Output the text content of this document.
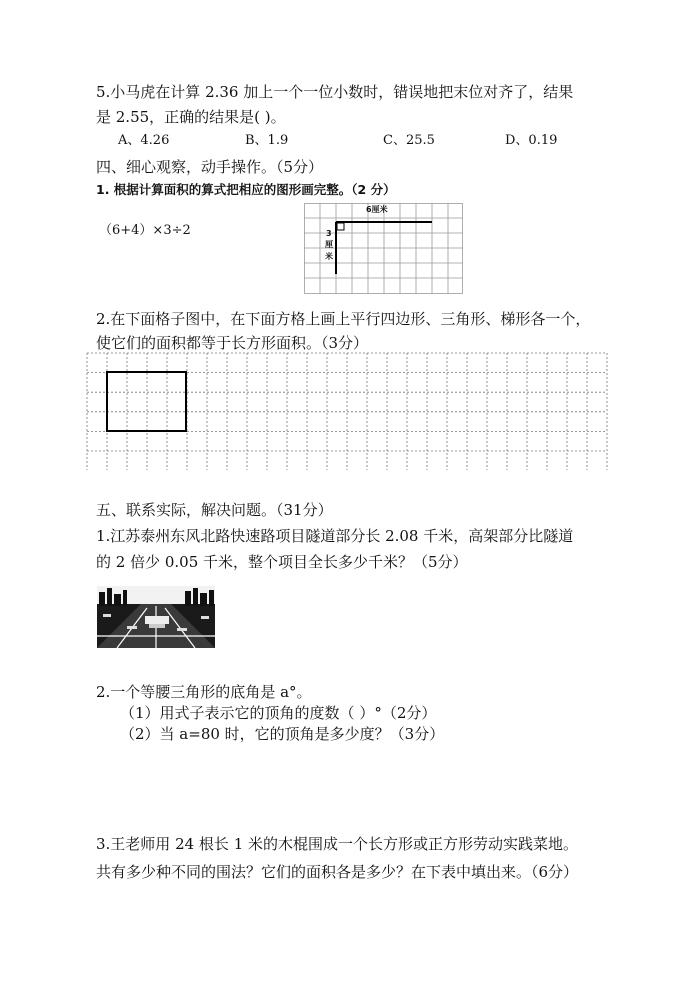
5.小马虎在计算 2.36 加上一个一位小数时，错误地把末位对齐了，结果
是 2.55，正确的结果是( )。
A、4.26	B、1.9	C、25.5	D、0.19
四、细心观察，动手操作。（5分）
1. 根据计算面积的算式把相应的图形画完整。（2 分）
（6+4）×3÷2
6厘米
3
厘
米
2.在下面格子图中，在下面方格上画上平行四边形、三角形、梯形各一个，
使它们的面积都等于长方形面积。（3分）
五、联系实际，解决问题。（31分）
1.江苏泰州东风北路快速路项目隧道部分长 2.08 千米，高架部分比隧道
的 2 倍少 0.05 千米，整个项目全长多少千米？（5分）
2.一个等腰三角形的底角是 a°。
（1）用式子表示它的顶角的度数（ ）°（2分）
（2）当 a=80 时，它的顶角是多少度？（3分）
3.王老师用 24 根长 1 米的木棍围成一个长方形或正方形劳动实践菜地。
共有多少种不同的围法？它们的面积各是多少？在下表中填出来。（6分）
